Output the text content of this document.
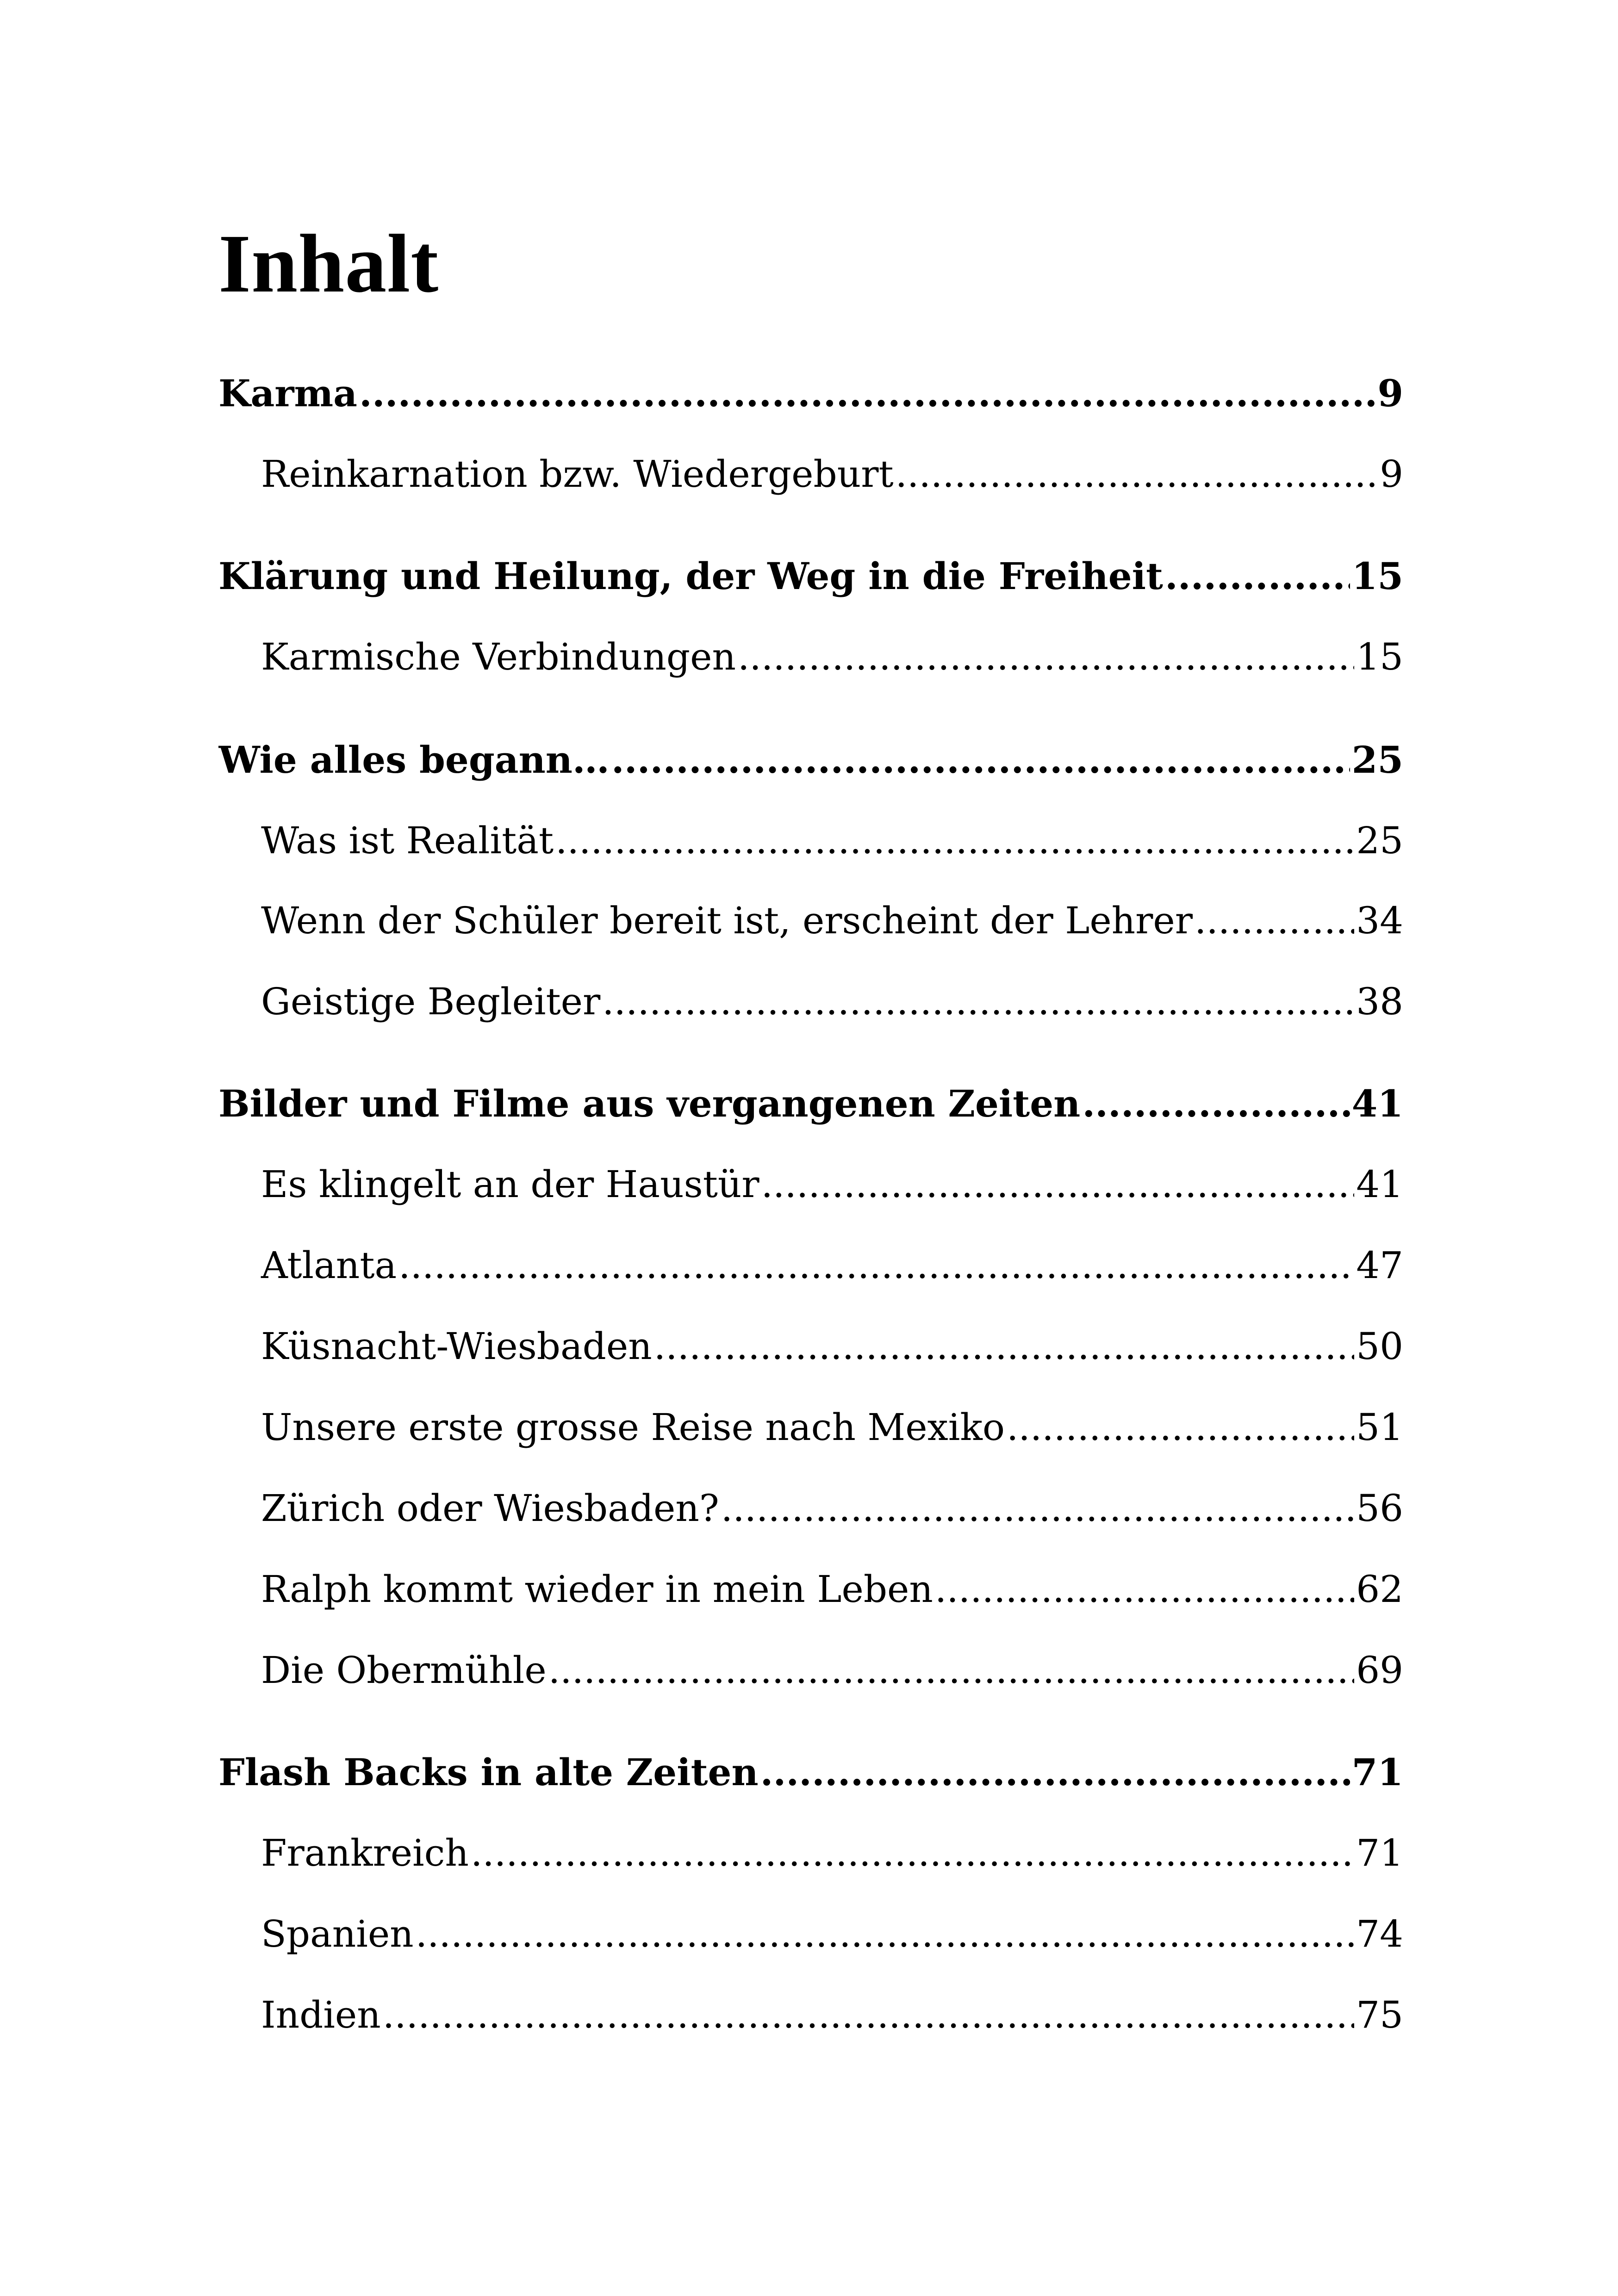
Inhalt
Karma .....	9
Reinkarnation bzw. Wiedergeburt .....	9
Klärung und Heilung, der Weg in die Freiheit .....	15
Karmische Verbindungen .....	15
Wie alles begann… .....	25
Was ist Realität .....	25
Wenn der Schüler bereit ist, erscheint der Lehrer .....	34
Geistige Begleiter .....	38
Bilder und Filme aus vergangenen Zeiten .....	41
Es klingelt an der Haustür .....	41
Atlanta .....	47
Küsnacht-Wiesbaden .....	50
Unsere erste grosse Reise nach Mexiko .....	51
Zürich oder Wiesbaden? .....	56
Ralph kommt wieder in mein Leben .....	62
Die Obermühle .....	69
Flash Backs in alte Zeiten .....	71
Frankreich .....	71
Spanien .....	74
Indien .....	75
